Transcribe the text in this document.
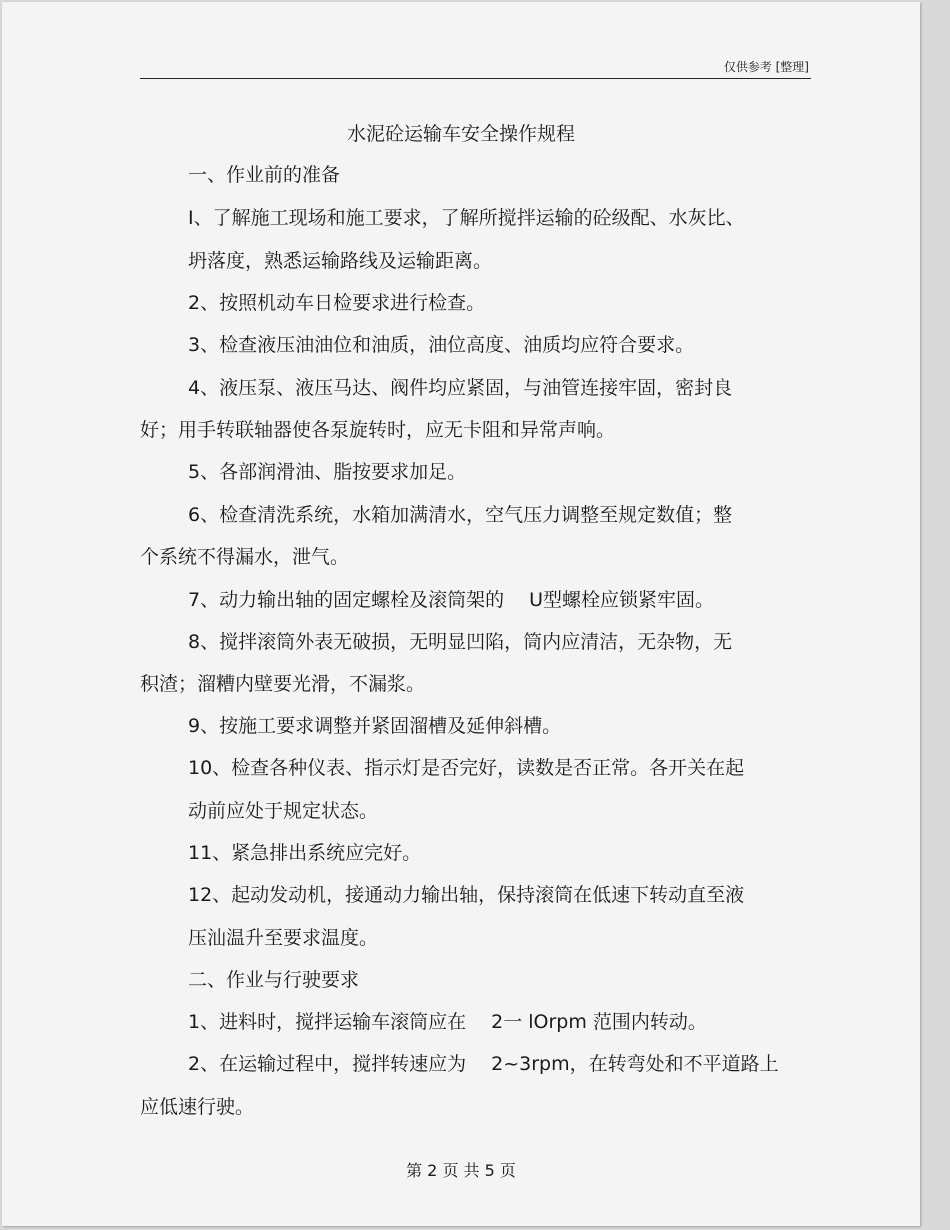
仅供参考 [整理]
水泥砼运输车安全操作规程
一、作业前的准备
I、了解施工现场和施工要求，了解所搅拌运输的砼级配、水灰比、
坍落度，熟悉运输路线及运输距离。
2、按照机动车日检要求进行检查。
3、检查液压油油位和油质，油位高度、油质均应符合要求。
4、液压泵、液压马达、阀件均应紧固，与油管连接牢固，密封良
好；用手转联轴器使各泵旋转时，应无卡阻和异常声响。
5、各部润滑油、脂按要求加足。
6、检查清洗系统，水箱加满清水，空气压力调整至规定数值；整
个系统不得漏水，泄气。
7、动力输出轴的固定螺栓及滚筒架的　 U型螺栓应锁紧牢固。
8、搅拌滚筒外表无破损，无明显凹陷，筒内应清洁，无杂物，无
积渣；溜糟内壁要光滑，不漏浆。
9、按施工要求调整并紧固溜槽及延伸斜槽。
10、检查各种仪表、指示灯是否完好，读数是否正常。各开关在起
动前应处于规定状态。
11、紧急排出系统应完好。
12、起动发动机，接通动力输出轴，保持滚筒在低速下转动直至液
压汕温升至要求温度。
二、作业与行驶要求
1、进料时，搅拌运输车滚筒应在　 2一 lOrpm 范围内转动。
2、在运输过程中，搅拌转速应为　 2~3rpm，在转弯处和不平道路上
应低速行驶。
第 2 页 共 5 页
